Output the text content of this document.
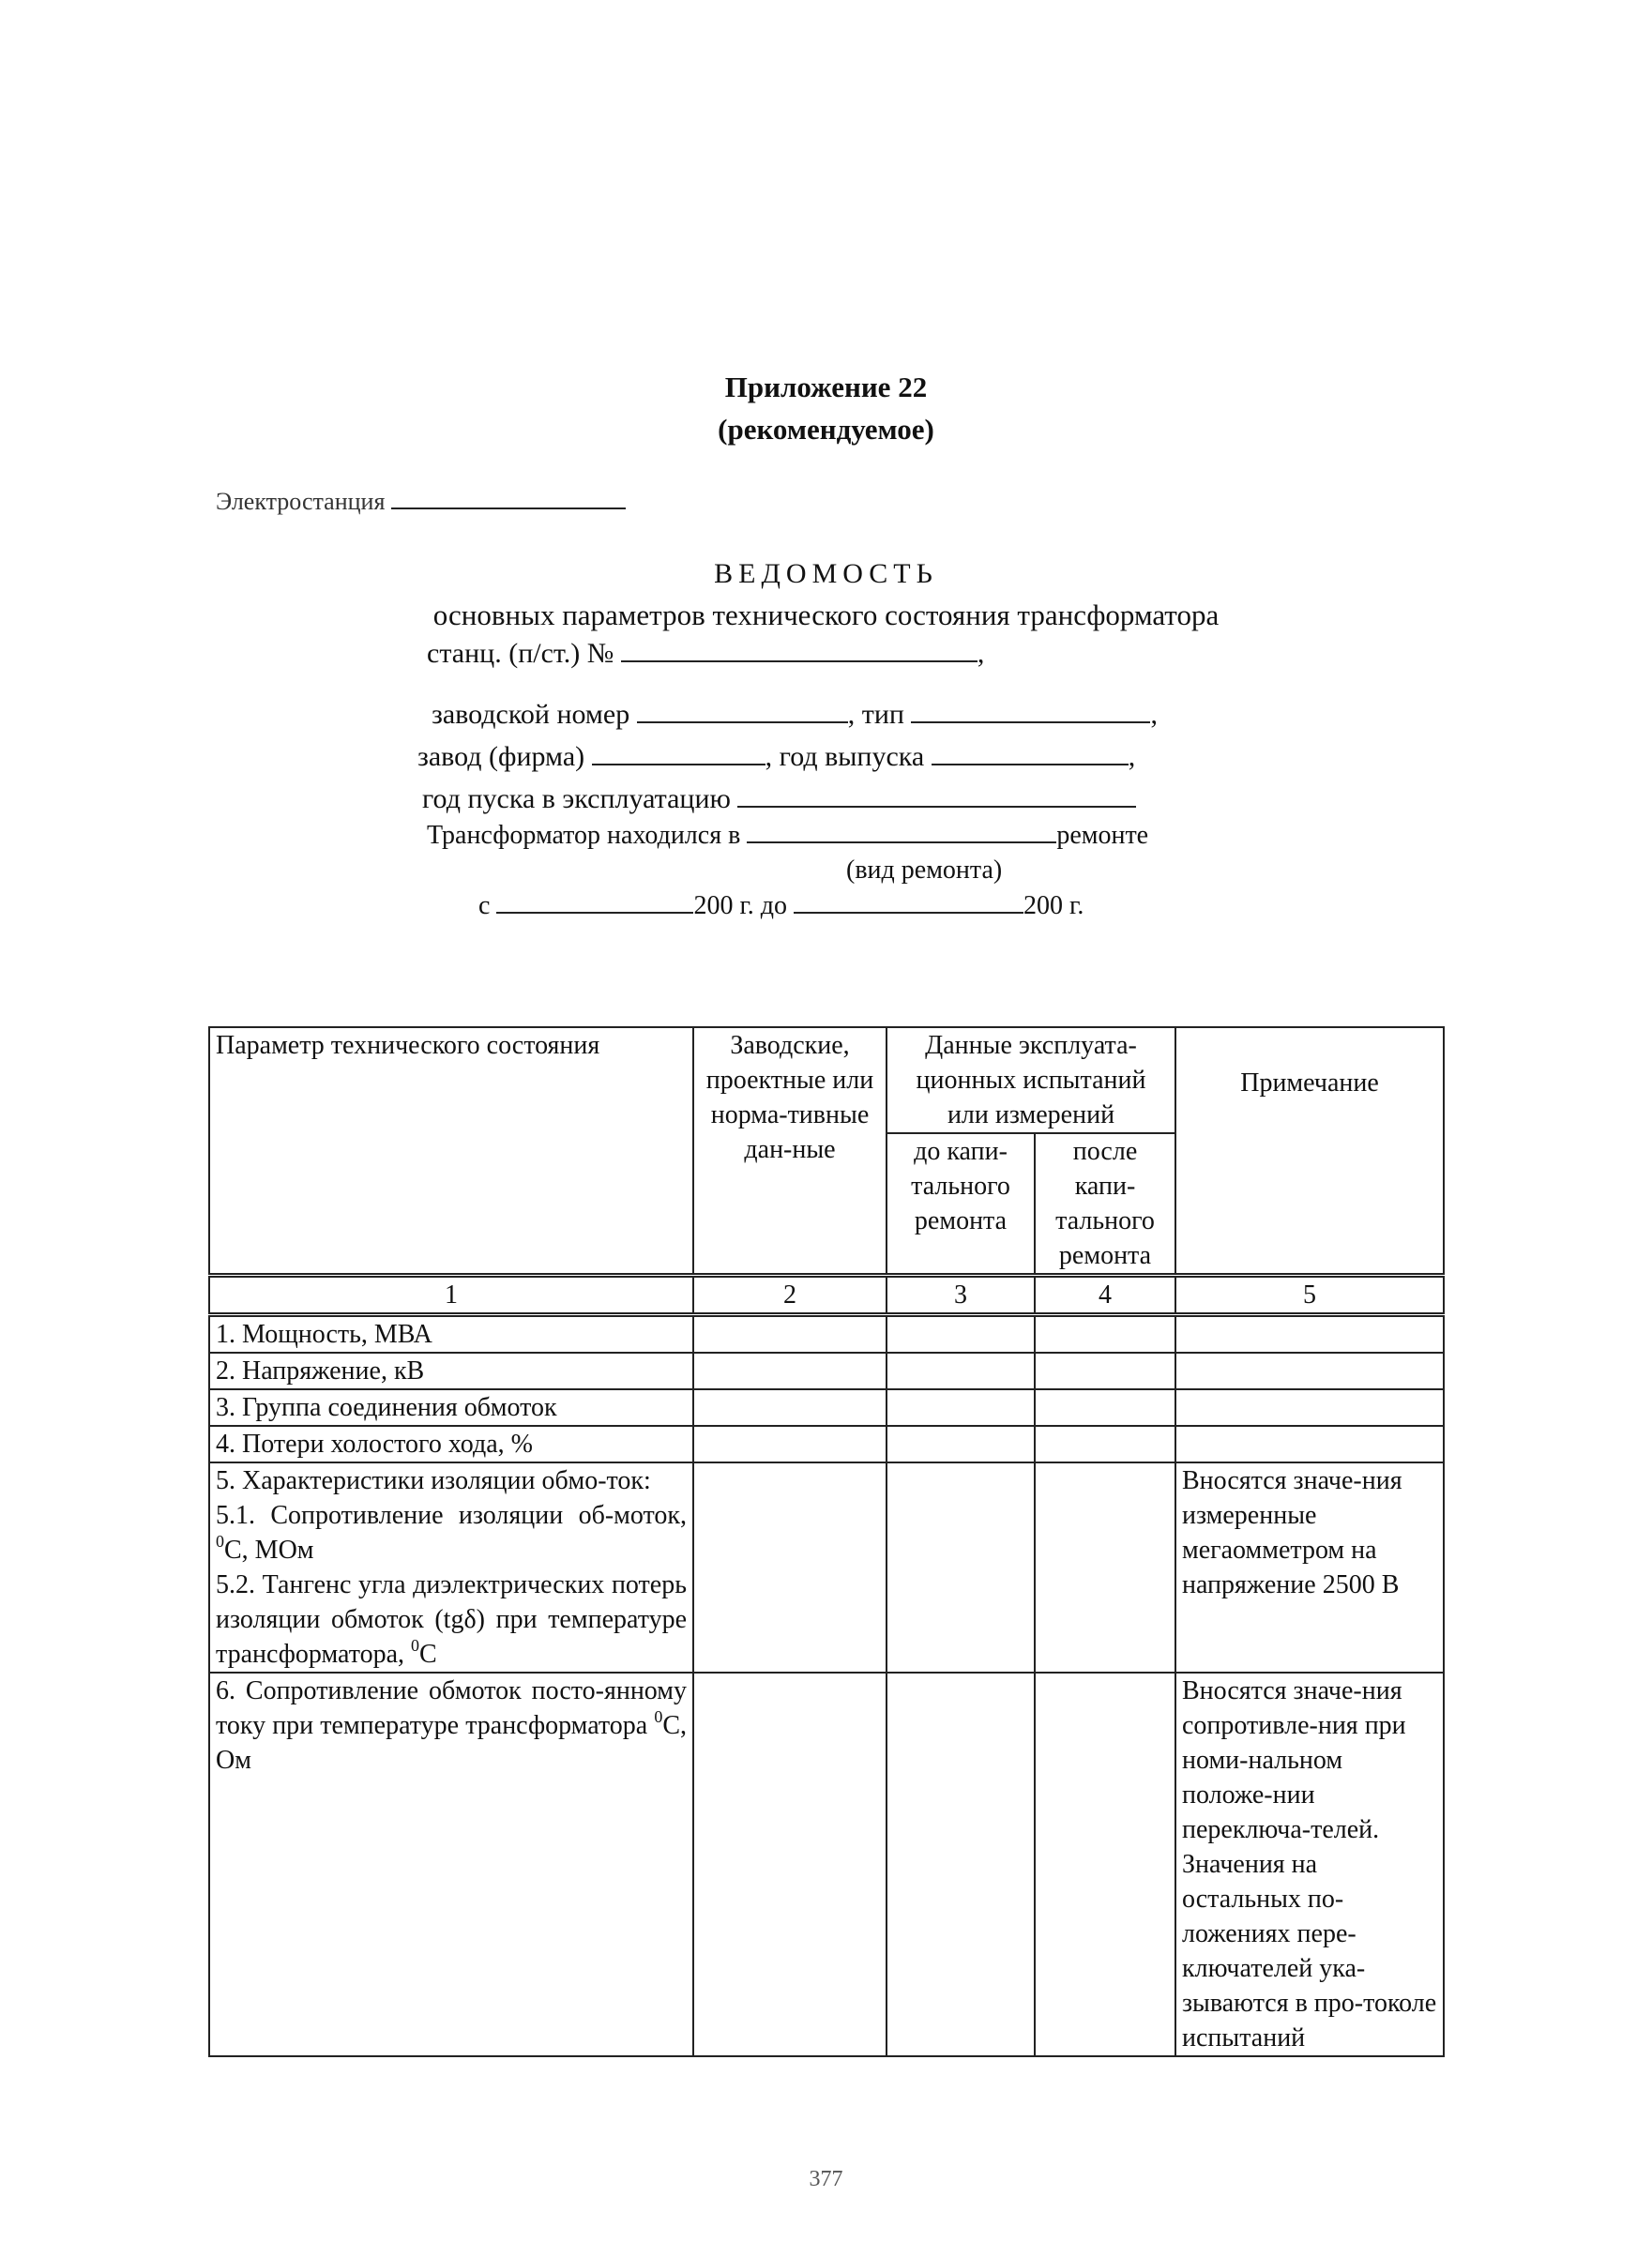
Приложение 22
(рекомендуемое)
Электростанция
ВЕДОМОСТЬ
основных параметров технического состояния трансформатора
станц. (п/ст.) №	,
заводской номер	, тип	,
завод (фирма)	, год выпуска	,
год пуска в эксплуатацию
Трансформатор находился в	ремонте
(вид ремонта)
с	200 г. до	200 г.
Параметр технического состояния	Заводские, проектные или норма-тивные дан-ные	Данные эксплуата-ционных испытаний или измерений		Примечание
		до капи-тального ремонта	после капи-тального ремонта	
1	2	3	4	5
1. Мощность, МВА				
2. Напряжение, кВ				
3. Группа соединения обмоток				
4. Потери холостого хода, %				

5. Характеристики изоляции обмо-ток:
5.1. Сопротивление изоляции об-моток, $^0$C, МОм
5.2. Тангенс угла диэлектрических потерь изоляции обмоток (tgδ) при температуре трансформатора, $^0$C				Вносятся значе-ния измеренные мегаомметром на напряжение 2500 В
6. Сопротивление обмоток посто-янному току при температуре трансформатора $^0$C, Ом				Вносятся значе-ния сопротивле-ния при номи-нальном положе-нии переключа-телей. Значения на остальных по-ложениях пере-ключателей ука-зываются в про-токоле испытаний
377
